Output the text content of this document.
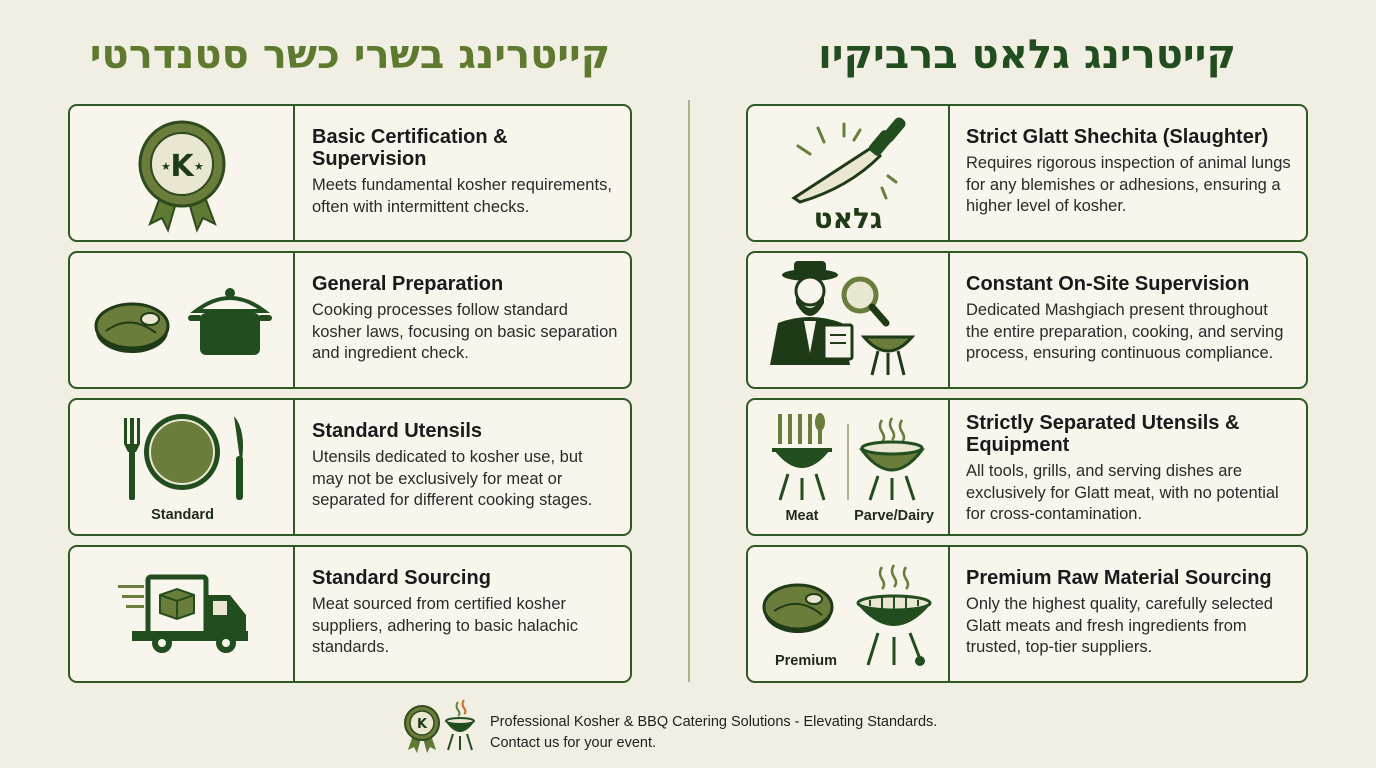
קייטרינג בשרי כשר סטנדרטי	קייטרינג גלאט ברביקיו
K
★ ★
Basic Certification & Supervision

Meets fundamental kosher requirements, often with intermittent checks.

General Preparation

Cooking processes follow standard kosher laws, focusing on basic separation and ingredient check.

Standard
Standard Utensils

Utensils dedicated to kosher use, but may not be exclusively for meat or separated for different cooking stages.

Standard Sourcing

Meat sourced from certified kosher suppliers, adhering to basic halachic standards.

גלאט
Strict Glatt Shechita (Slaughter)

Requires rigorous inspection of animal lungs for any blemishes or adhesions, ensuring a higher level of kosher.

Constant On-Site Supervision

Dedicated Mashgiach present throughout the entire preparation, cooking, and serving process, ensuring continuous compliance.

Meat	Parve/Dairy
Strictly Separated Utensils & Equipment

All tools, grills, and serving dishes are exclusively for Glatt meat, with no potential for cross-contamination.

Premium
Premium Raw Material Sourcing

Only the highest quality, carefully selected Glatt meats and fresh ingredients from trusted, top-tier suppliers.

K	Professional Kosher & BBQ Catering Solutions - Elevating Standards.
Contact us for your event.
